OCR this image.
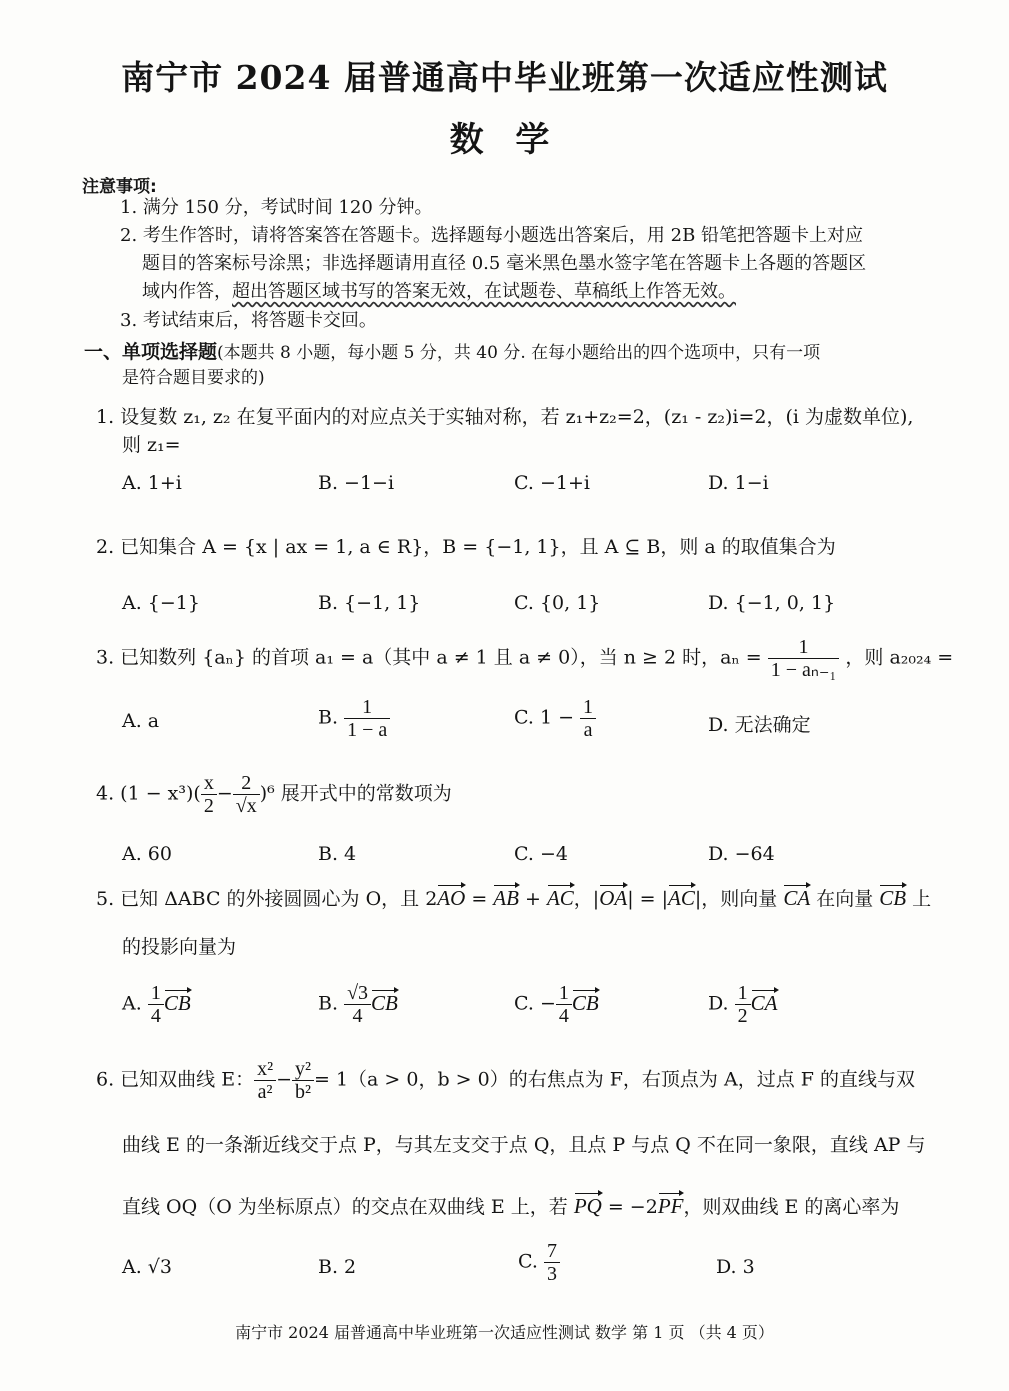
南宁市 2024 届普通高中毕业班第一次适应性测试
数 学
注意事项:
1. 满分 150 分，考试时间 120 分钟。
2. 考生作答时，请将答案答在答题卡。选择题每小题选出答案后，用 2B 铅笔把答题卡上对应
题目的答案标号涂黑；非选择题请用直径 0.5 毫米黑色墨水签字笔在答题卡上各题的答题区
域内作答，超出答题区域书写的答案无效，在试题卷、草稿纸上作答无效。
3. 考试结束后，将答题卡交回。
一、单项选择题(本题共 8 小题，每小题 5 分，共 40 分. 在每小题给出的四个选项中，只有一项
是符合题目要求的)
1. 设复数 z₁, z₂ 在复平面内的对应点关于实轴对称，若 z₁+z₂=2，(z₁ - z₂)i=2，(i 为虚数单位),
则 z₁=
A. 1+i	B. −1−i	C. −1+i	D. 1−i
2. 已知集合 A = {x | ax = 1, a ∈ R}，B = {−1, 1}，且 A ⊆ B，则 a 的取值集合为
A. {−1}	B. {−1, 1}	C. {0, 1}	D. {−1, 0, 1}
3. 已知数列 {aₙ} 的首项 a₁ = a（其中 a ≠ 1 且 a ≠ 0），当 n ≥ 2 时，$a_n = \frac{1}{\text{1 − aₙ₋₁}}$ ，则 a₂₀₂₄ =
A. a	B. $\frac{1}{1 - a}$	C. $1 - \frac{1}{a}$	D. 无法确定
4. $(1 - x^3)( \frac{x}{2} - \frac{2}{√x} )^6$ 展开式中的常数项为
A. 60	B. 4	C. −4	D. −64
5. 已知 ΔABC 的外接圆圆心为 O，且 2AO = AB + AC，|OA| = |AC|，则向量 CA 在向量 CB 上
的投影向量为
A. $\frac{1}{4}$ CB	B. $\frac{√3}{4}$ CB	C. − $\frac{1}{4}$ CB	D. $\frac{1}{2}$ CA
6. 已知双曲线 E： $\frac{\text{x²}}{\text{a²}} - \frac{\text{y²}}{\text{b²}} = 1(a > 0$，b > 0）的右焦点为 F，右顶点为 A，过点 F 的直线与双
曲线 E 的一条渐近线交于点 P，与其左支交于点 Q，且点 P 与点 Q 不在同一象限，直线 AP 与
直线 OQ（O 为坐标原点）的交点在双曲线 E 上，若 PQ = −2PF，则双曲线 E 的离心率为
A. √3	B. 2	C. $\frac{7}{3}$	D. 3
南宁市 2024 届普通高中毕业班第一次适应性测试 数学 第 1 页 （共 4 页）
